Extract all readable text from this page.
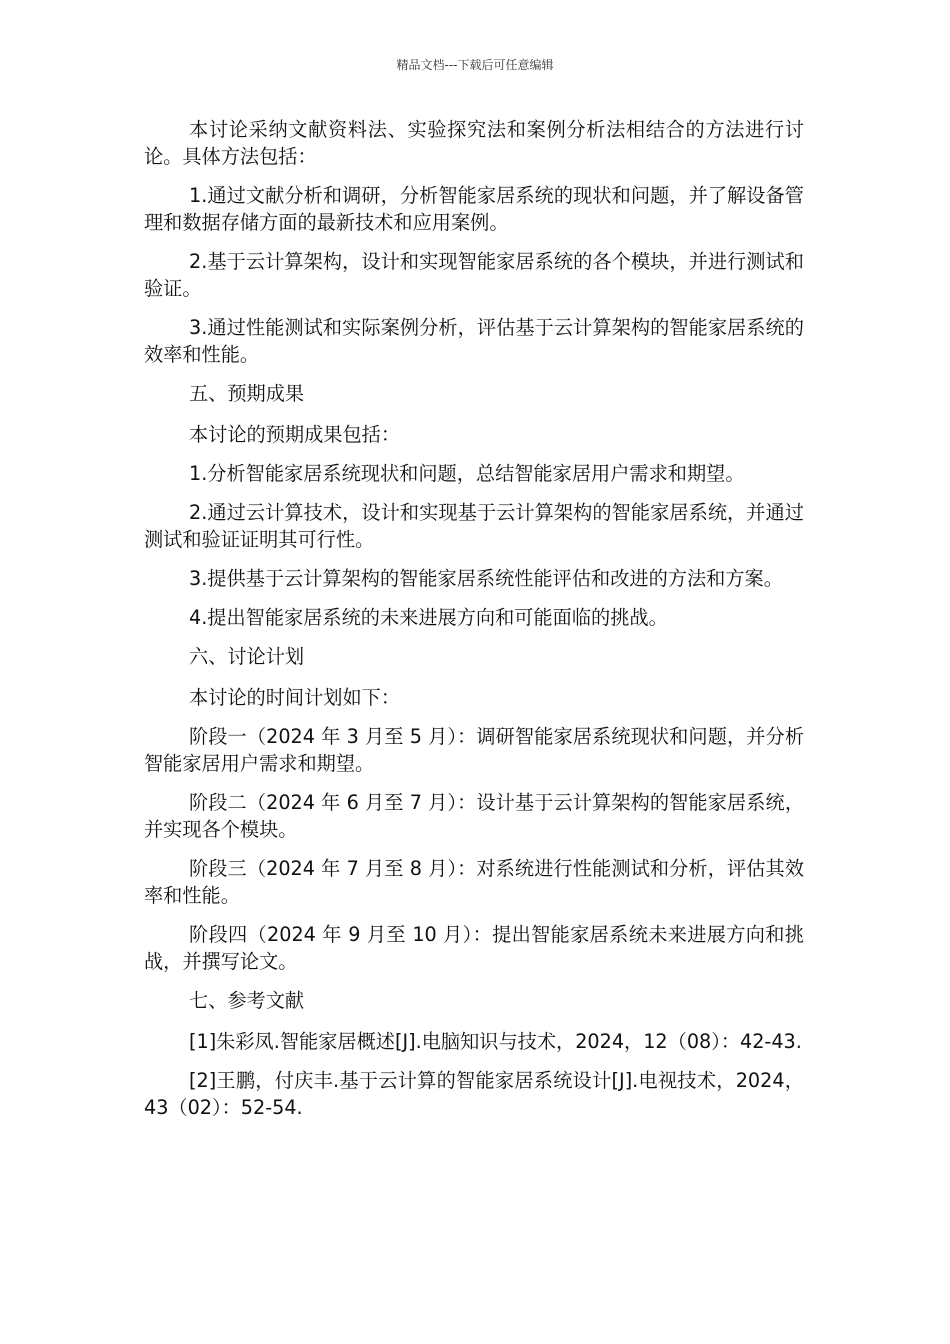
精品文档---下载后可任意编辑

本讨论采纳文献资料法、实验探究法和案例分析法相结合的方法进行讨论。具体方法包括：

1.通过文献分析和调研，分析智能家居系统的现状和问题，并了解设备管理和数据存储方面的最新技术和应用案例。

2.基于云计算架构，设计和实现智能家居系统的各个模块，并进行测试和验证。

3.通过性能测试和实际案例分析，评估基于云计算架构的智能家居系统的效率和性能。

五、预期成果

本讨论的预期成果包括：

1.分析智能家居系统现状和问题，总结智能家居用户需求和期望。

2.通过云计算技术，设计和实现基于云计算架构的智能家居系统，并通过测试和验证证明其可行性。

3.提供基于云计算架构的智能家居系统性能评估和改进的方法和方案。

4.提出智能家居系统的未来进展方向和可能面临的挑战。

六、讨论计划

本讨论的时间计划如下：

阶段一（2024 年 3 月至 5 月）：调研智能家居系统现状和问题，并分析智能家居用户需求和期望。

阶段二（2024 年 6 月至 7 月）：设计基于云计算架构的智能家居系统，并实现各个模块。

阶段三（2024 年 7 月至 8 月）：对系统进行性能测试和分析，评估其效率和性能。

阶段四（2024 年 9 月至 10 月）：提出智能家居系统未来进展方向和挑战，并撰写论文。

七、参考文献

[1]朱彩凤.智能家居概述[J].电脑知识与技术，2024，12（08）：42-43.

[2]王鹏，付庆丰.基于云计算的智能家居系统设计[J].电视技术，2024，43（02）：52-54.
